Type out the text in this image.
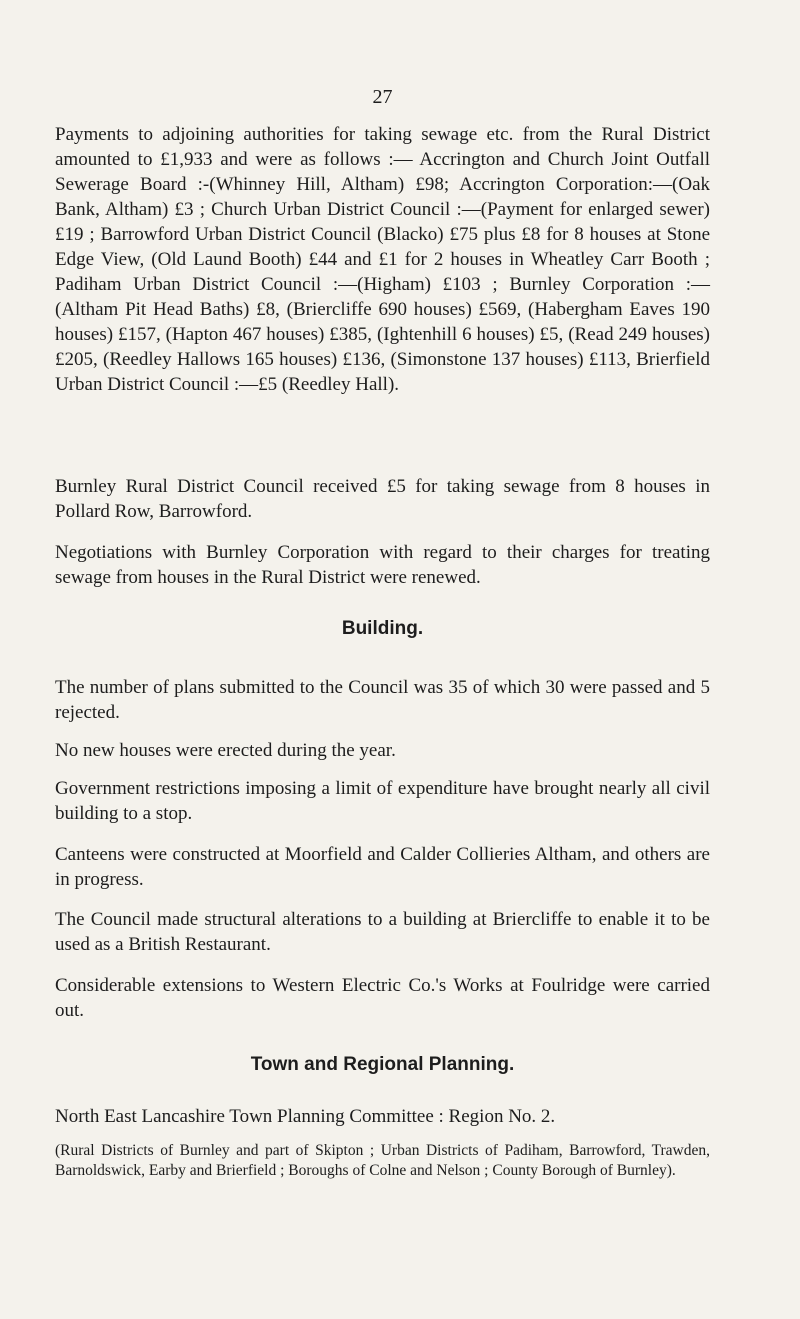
27

Payments to adjoining authorities for taking sewage etc. from the Rural District amounted to £1,933 and were as follows :— Accrington and Church Joint Outfall Sewerage Board :-(Whinney Hill, Altham) £98; Accrington Corporation:—(Oak Bank, Altham) £3 ; Church Urban District Council :—(Payment for enlarged sewer) £19 ; Barrowford Urban District Council (Blacko) £75 plus £8 for 8 houses at Stone Edge View, (Old Laund Booth) £44 and £1 for 2 houses in Wheatley Carr Booth ; Padiham Urban District Council :—(Higham) £103 ; Burnley Corporation :—(Altham Pit Head Baths) £8, (Briercliffe 690 houses) £569, (Habergham Eaves 190 houses) £157, (Hapton 467 houses) £385, (Ightenhill 6 houses) £5, (Read 249 houses) £205, (Reedley Hallows 165 houses) £136, (Simonstone 137 houses) £113, Brierfield Urban District Council :—£5 (Reedley Hall).

Burnley Rural District Council received £5 for taking sewage from 8 houses in Pollard Row, Barrowford.

Negotiations with Burnley Corporation with regard to their charges for treating sewage from houses in the Rural District were renewed.

Building.

The number of plans submitted to the Council was 35 of which 30 were passed and 5 rejected.

No new houses were erected during the year.

Government restrictions imposing a limit of expenditure have brought nearly all civil building to a stop.

Canteens were constructed at Moorfield and Calder Collieries Altham, and others are in progress.

The Council made structural alterations to a building at Briercliffe to enable it to be used as a British Restaurant.

Considerable extensions to Western Electric Co.'s Works at Foulridge were carried out.

Town and Regional Planning.

North East Lancashire Town Planning Committee : Region No. 2.

(Rural Districts of Burnley and part of Skipton ; Urban Districts of Padiham, Barrowford, Trawden, Barnoldswick, Earby and Brierfield ; Boroughs of Colne and Nelson ; County Borough of Burnley).
